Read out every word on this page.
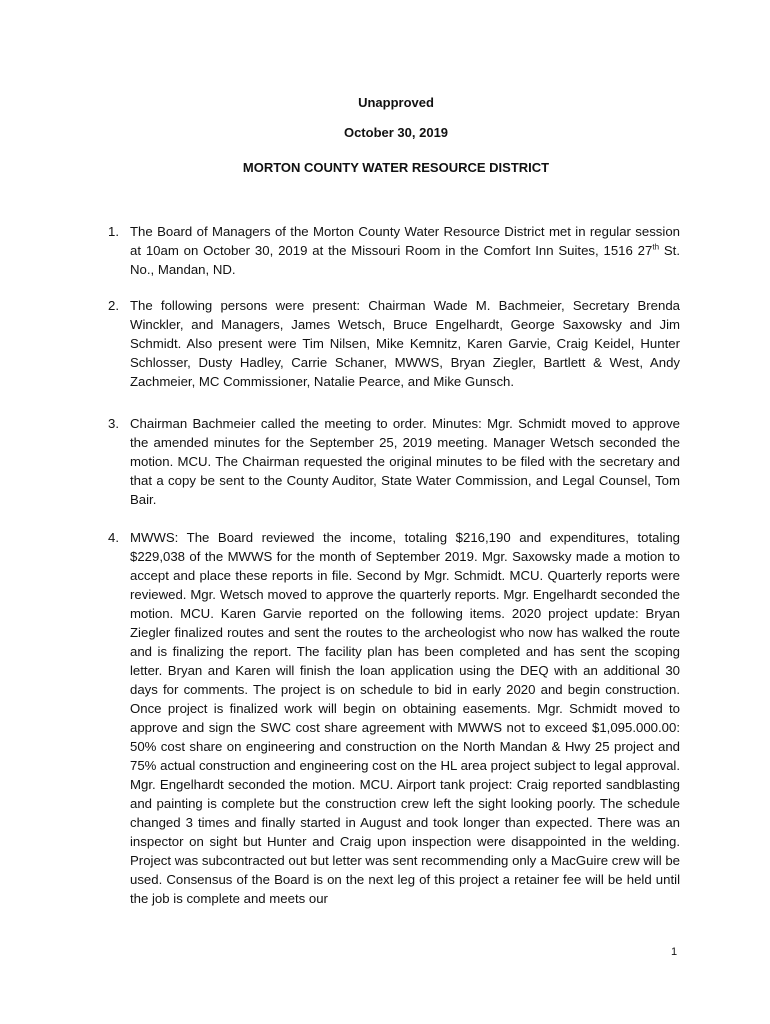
Unapproved
October 30, 2019
MORTON COUNTY WATER RESOURCE DISTRICT
1. The Board of Managers of the Morton County Water Resource District met in regular session at 10am on October 30, 2019 at the Missouri Room in the Comfort Inn Suites, 1516 27th St. No., Mandan, ND.
2. The following persons were present: Chairman Wade M. Bachmeier, Secretary Brenda Winckler, and Managers, James Wetsch, Bruce Engelhardt, George Saxowsky and Jim Schmidt. Also present were Tim Nilsen, Mike Kemnitz, Karen Garvie, Craig Keidel, Hunter Schlosser, Dusty Hadley, Carrie Schaner, MWWS, Bryan Ziegler, Bartlett & West, Andy Zachmeier, MC Commissioner, Natalie Pearce, and Mike Gunsch.
3. Chairman Bachmeier called the meeting to order. Minutes: Mgr. Schmidt moved to approve the amended minutes for the September 25, 2019 meeting. Manager Wetsch seconded the motion. MCU. The Chairman requested the original minutes to be filed with the secretary and that a copy be sent to the County Auditor, State Water Commission, and Legal Counsel, Tom Bair.
4. MWWS: The Board reviewed the income, totaling $216,190 and expenditures, totaling $229,038 of the MWWS for the month of September 2019. Mgr. Saxowsky made a motion to accept and place these reports in file. Second by Mgr. Schmidt. MCU. Quarterly reports were reviewed. Mgr. Wetsch moved to approve the quarterly reports. Mgr. Engelhardt seconded the motion. MCU. Karen Garvie reported on the following items. 2020 project update: Bryan Ziegler finalized routes and sent the routes to the archeologist who now has walked the route and is finalizing the report. The facility plan has been completed and has sent the scoping letter. Bryan and Karen will finish the loan application using the DEQ with an additional 30 days for comments. The project is on schedule to bid in early 2020 and begin construction. Once project is finalized work will begin on obtaining easements. Mgr. Schmidt moved to approve and sign the SWC cost share agreement with MWWS not to exceed $1,095.000.00: 50% cost share on engineering and construction on the North Mandan & Hwy 25 project and 75% actual construction and engineering cost on the HL area project subject to legal approval. Mgr. Engelhardt seconded the motion. MCU. Airport tank project: Craig reported sandblasting and painting is complete but the construction crew left the sight looking poorly. The schedule changed 3 times and finally started in August and took longer than expected. There was an inspector on sight but Hunter and Craig upon inspection were disappointed in the welding. Project was subcontracted out but letter was sent recommending only a MacGuire crew will be used. Consensus of the Board is on the next leg of this project a retainer fee will be held until the job is complete and meets our
1
